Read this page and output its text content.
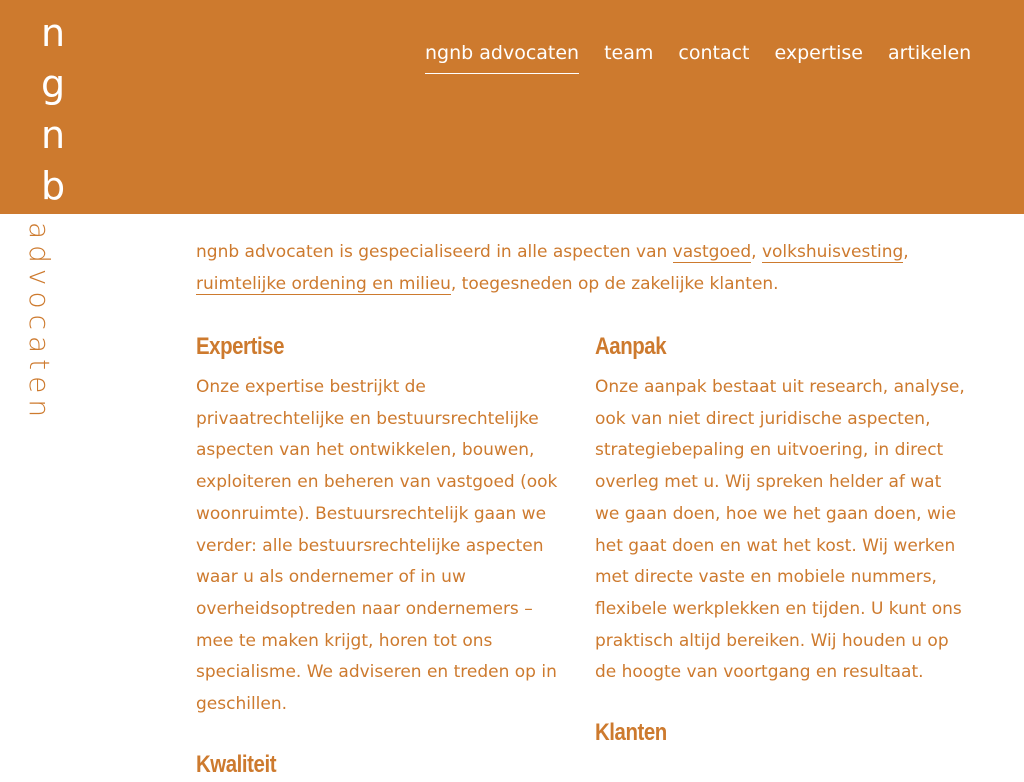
n
g
n
b
ngnb advocaten team contact expertise artikelen
advocaten	ngnb advocaten is gespecialiseerd in alle aspecten van vastgoed, volkshuisvesting, ruimtelijke ordening en milieu, toegesneden op de zakelijke klanten.

Expertise

Onze expertise bestrijkt de privaatrechtelijke en bestuursrechtelijke aspecten van het ontwikkelen, bouwen, exploiteren en beheren van vastgoed (ook woonruimte). Bestuursrechtelijk gaan we verder: alle bestuursrechtelijke aspecten waar u als ondernemer of in uw overheidsoptreden naar ondernemers – mee te maken krijgt, horen tot ons specialisme. We adviseren en treden op in geschillen.

Kwaliteit
Aanpak

Onze aanpak bestaat uit research, analyse, ook van niet direct juridische aspecten, strategiebepaling en uitvoering, in direct overleg met u. Wij spreken helder af wat we gaan doen, hoe we het gaan doen, wie het gaat doen en wat het kost. Wij werken met directe vaste en mobiele nummers, flexibele werkplekken en tijden. U kunt ons praktisch altijd bereiken. Wij houden u op de hoogte van voortgang en resultaat.

Klanten
